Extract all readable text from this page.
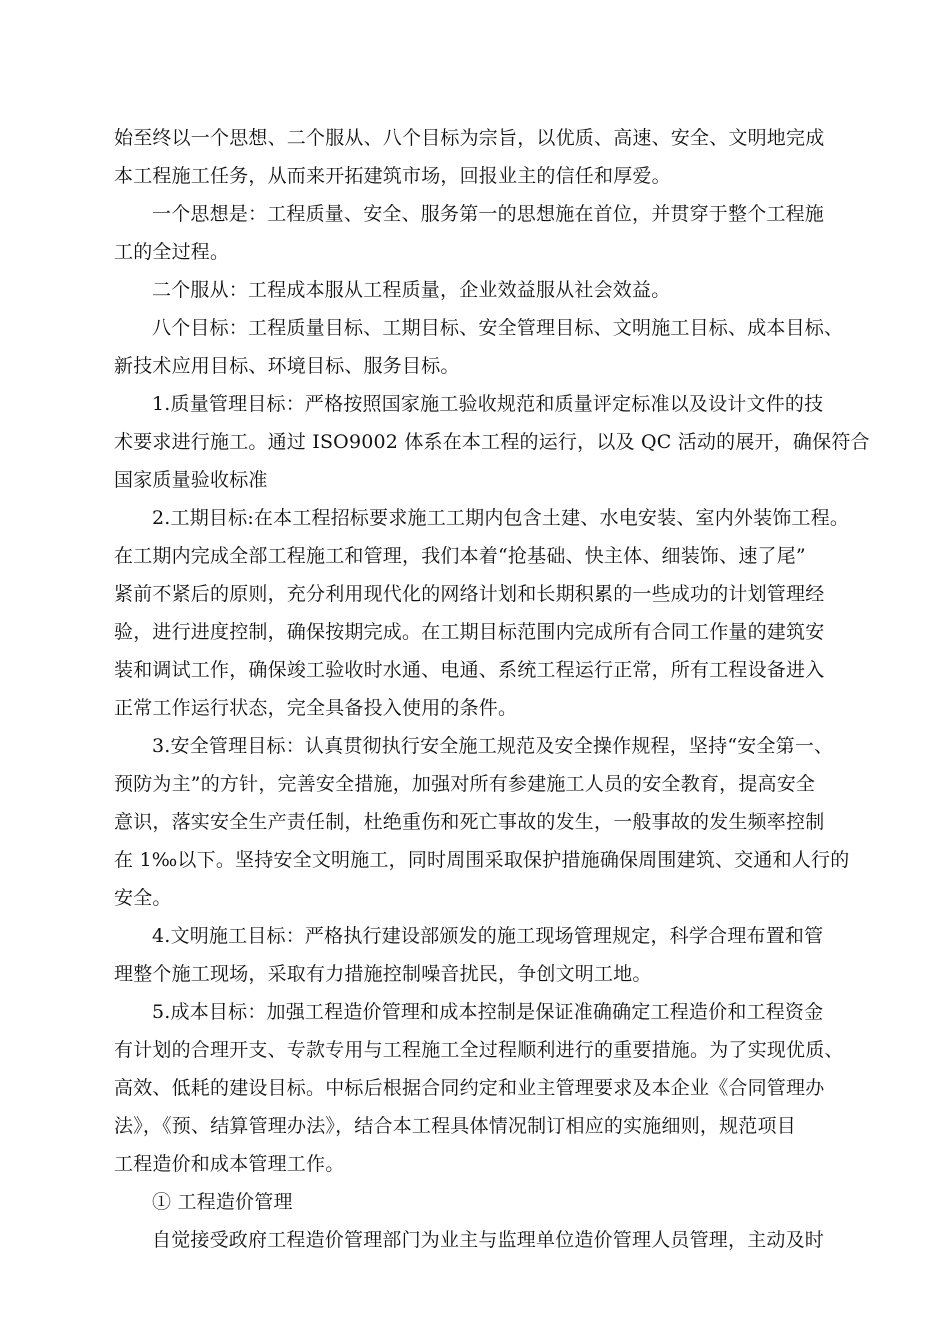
始至终以一个思想、二个服从、八个目标为宗旨，以优质、高速、安全、文明地完成
本工程施工任务，从而来开拓建筑市场，回报业主的信任和厚爱。
一个思想是：工程质量、安全、服务第一的思想施在首位，并贯穿于整个工程施
工的全过程。
二个服从：工程成本服从工程质量，企业效益服从社会效益。
八个目标：工程质量目标、工期目标、安全管理目标、文明施工目标、成本目标、
新技术应用目标、环境目标、服务目标。
1.质量管理目标：严格按照国家施工验收规范和质量评定标准以及设计文件的技
术要求进行施工。通过 ISO9002 体系在本工程的运行，以及 QC 活动的展开，确保符合
国家质量验收标准
2.工期目标:在本工程招标要求施工工期内包含土建、水电安装、室内外装饰工程。
在工期内完成全部工程施工和管理，我们本着“抢基础、快主体、细装饰、速了尾”
紧前不紧后的原则，充分利用现代化的网络计划和长期积累的一些成功的计划管理经
验，进行进度控制，确保按期完成。在工期目标范围内完成所有合同工作量的建筑安
装和调试工作，确保竣工验收时水通、电通、系统工程运行正常，所有工程设备进入
正常工作运行状态，完全具备投入使用的条件。
3.安全管理目标：认真贯彻执行安全施工规范及安全操作规程，坚持“安全第一、
预防为主”的方针，完善安全措施，加强对所有参建施工人员的安全教育，提高安全
意识，落实安全生产责任制，杜绝重伤和死亡事故的发生，一般事故的发生频率控制
在 1‰以下。坚持安全文明施工，同时周围采取保护措施确保周围建筑、交通和人行的
安全。
4.文明施工目标：严格执行建设部颁发的施工现场管理规定，科学合理布置和管
理整个施工现场，采取有力措施控制噪音扰民，争创文明工地。
5.成本目标：加强工程造价管理和成本控制是保证准确确定工程造价和工程资金
有计划的合理开支、专款专用与工程施工全过程顺利进行的重要措施。为了实现优质、
高效、低耗的建设目标。中标后根据合同约定和业主管理要求及本企业《合同管理办
法》，《预、结算管理办法》，结合本工程具体情况制订相应的实施细则，规范项目
工程造价和成本管理工作。
① 工程造价管理
自觉接受政府工程造价管理部门为业主与监理单位造价管理人员管理，主动及时
